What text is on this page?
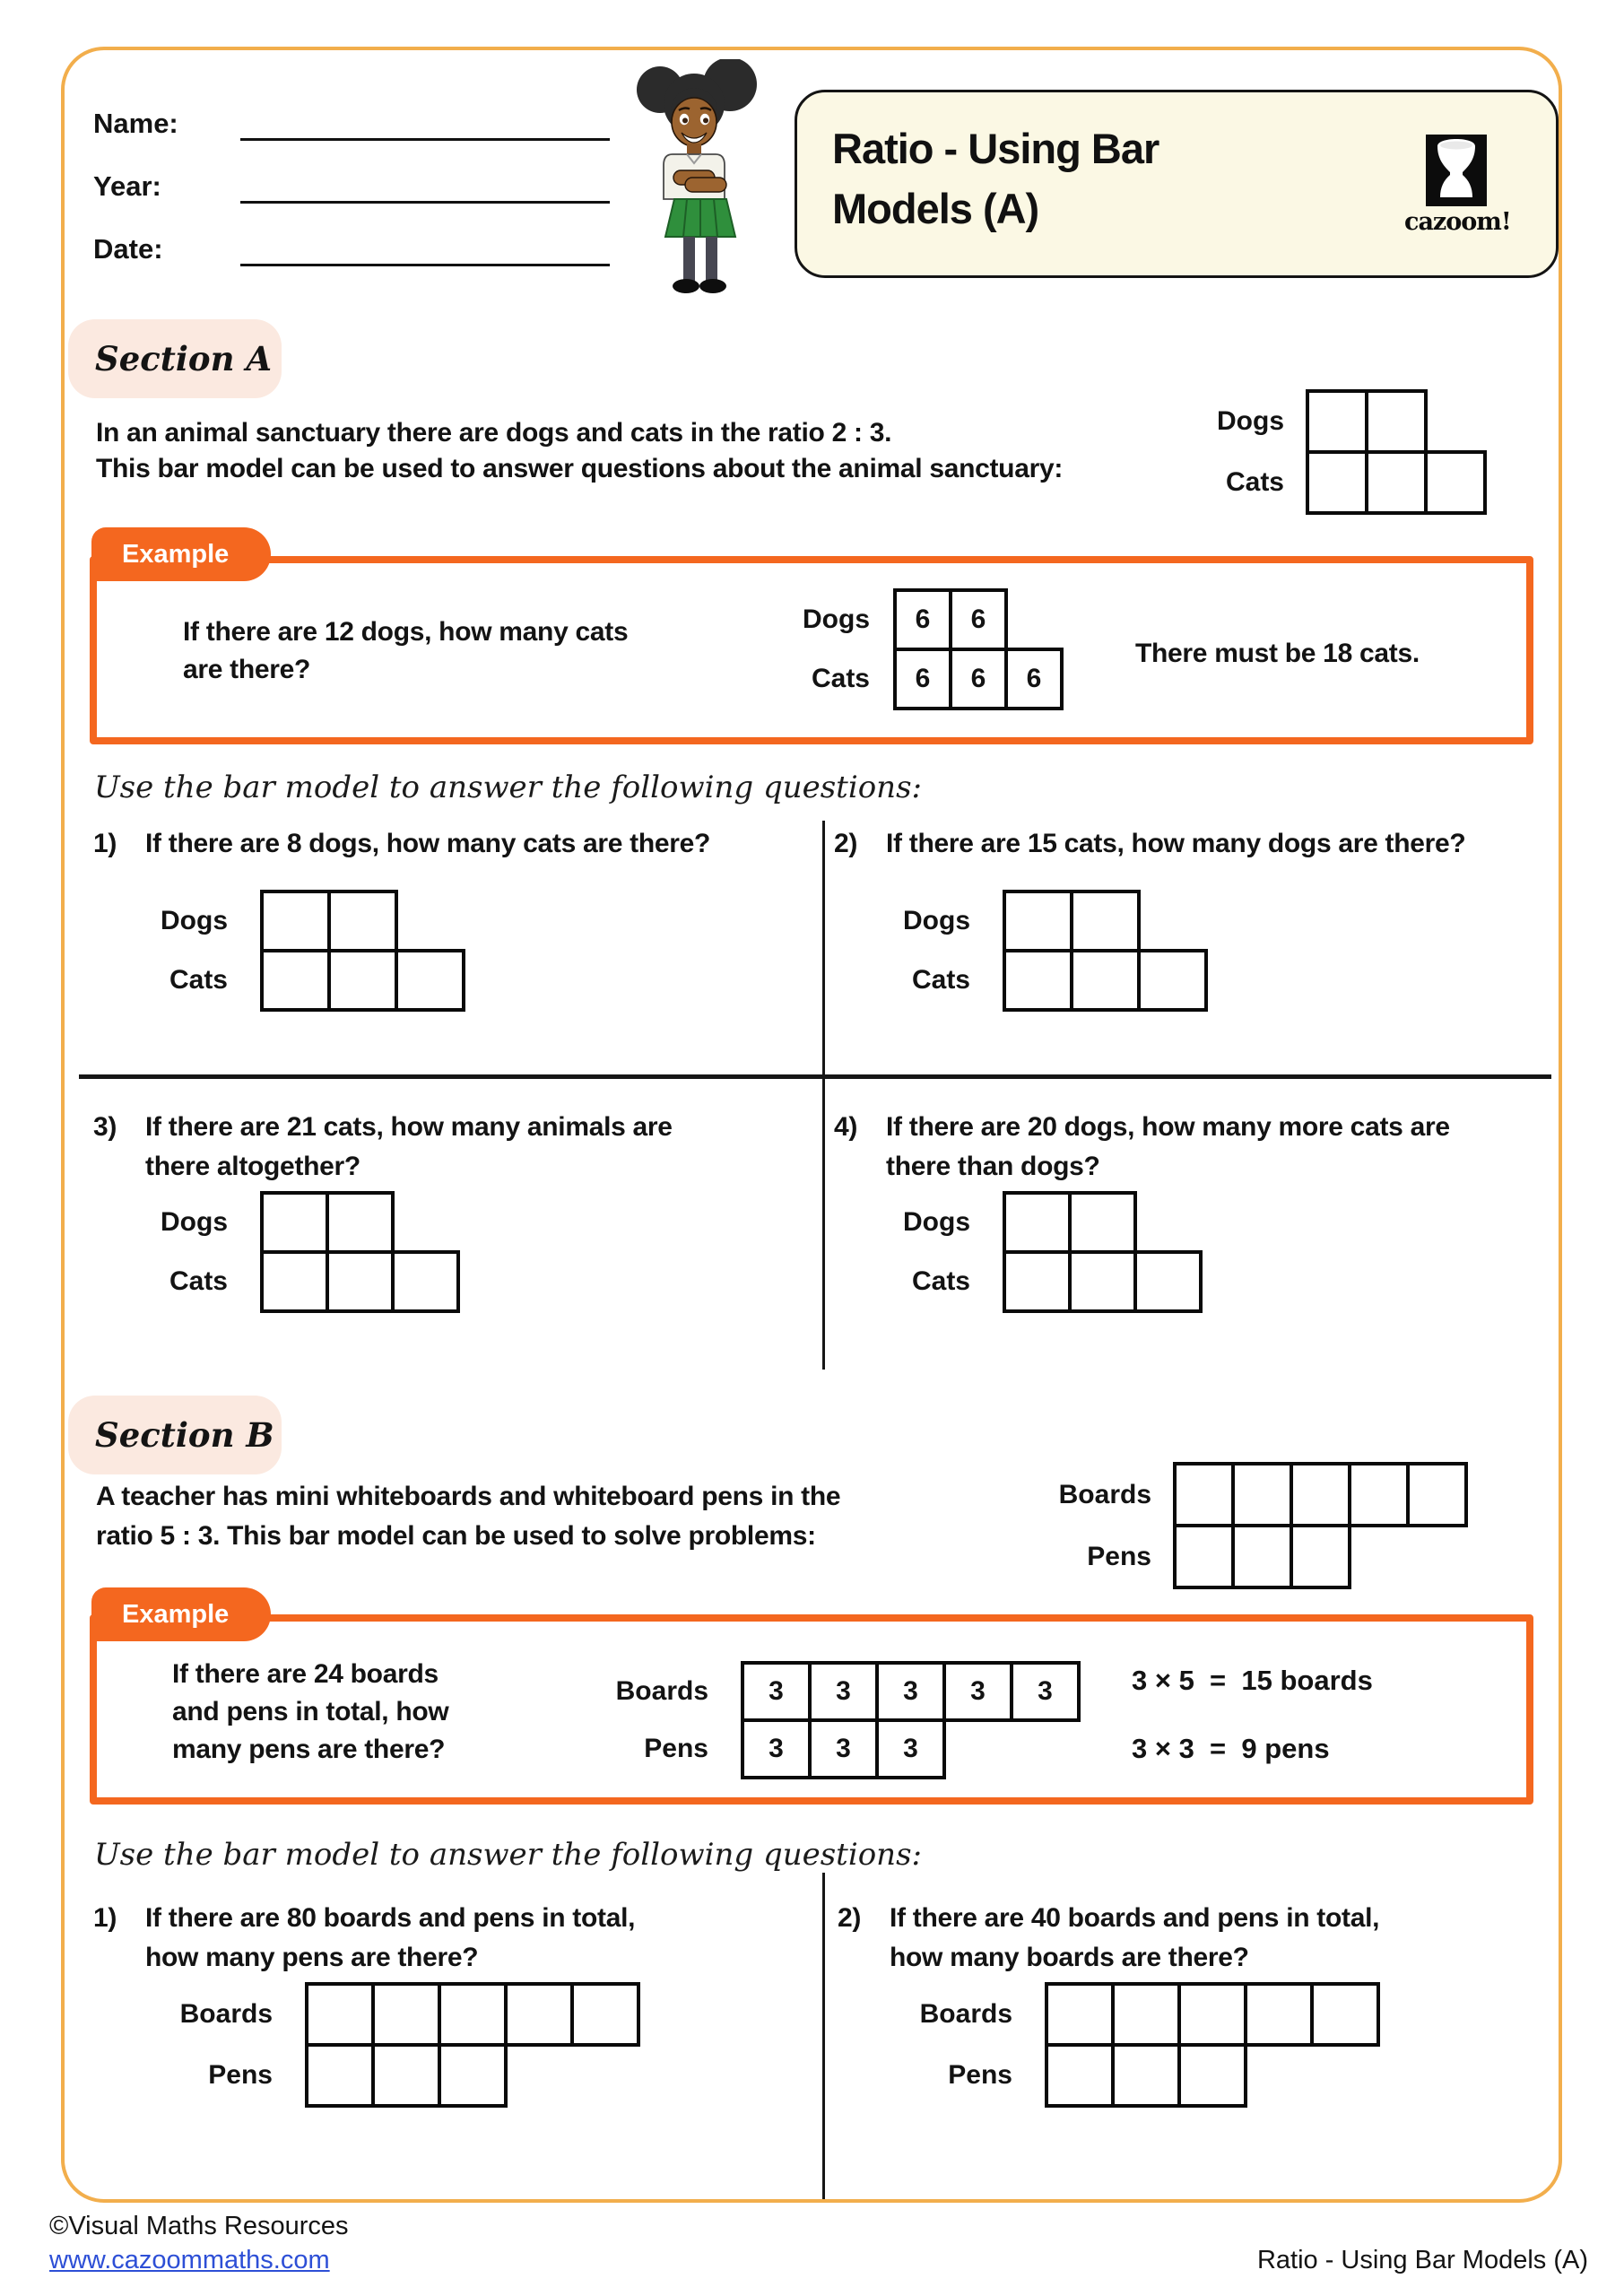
Name:
Year:
Date:
Ratio - Using Bar
Models (A)	cazoom!
Section A
In an animal sanctuary there are dogs and cats in the ratio 2 : 3.
This bar model can be used to answer questions about the animal sanctuary:
Dogs
Cats
Example
If there are 12 dogs, how many cats
are there?
Dogs	6	6
Cats	6	6	6
There must be 18 cats.
Use the bar model to answer the following questions:
1) If there are 8 dogs, how many cats are there?
Dogs
Cats
2) If there are 15 cats, how many dogs are there?
Dogs
Cats
3) If there are 21 cats, how many animals are
there altogether?
Dogs
Cats
4) If there are 20 dogs, how many more cats are
there than dogs?
Dogs
Cats
Section B
A teacher has mini whiteboards and whiteboard pens in the
ratio 5 : 3. This bar model can be used to solve problems:
Boards
Pens
Example
If there are 24 boards
and pens in total, how
many pens are there?
Boards	3	3	3	3	3
Pens	3	3	3
3 × 5  =  15 boards
3 × 3  =  9 pens
Use the bar model to answer the following questions:
1) If there are 80 boards and pens in total,
how many pens are there?
Boards
Pens
2) If there are 40 boards and pens in total,
how many boards are there?
Boards
Pens
©Visual Maths Resources
www.cazoommaths.com	Ratio - Using Bar Models (A)
